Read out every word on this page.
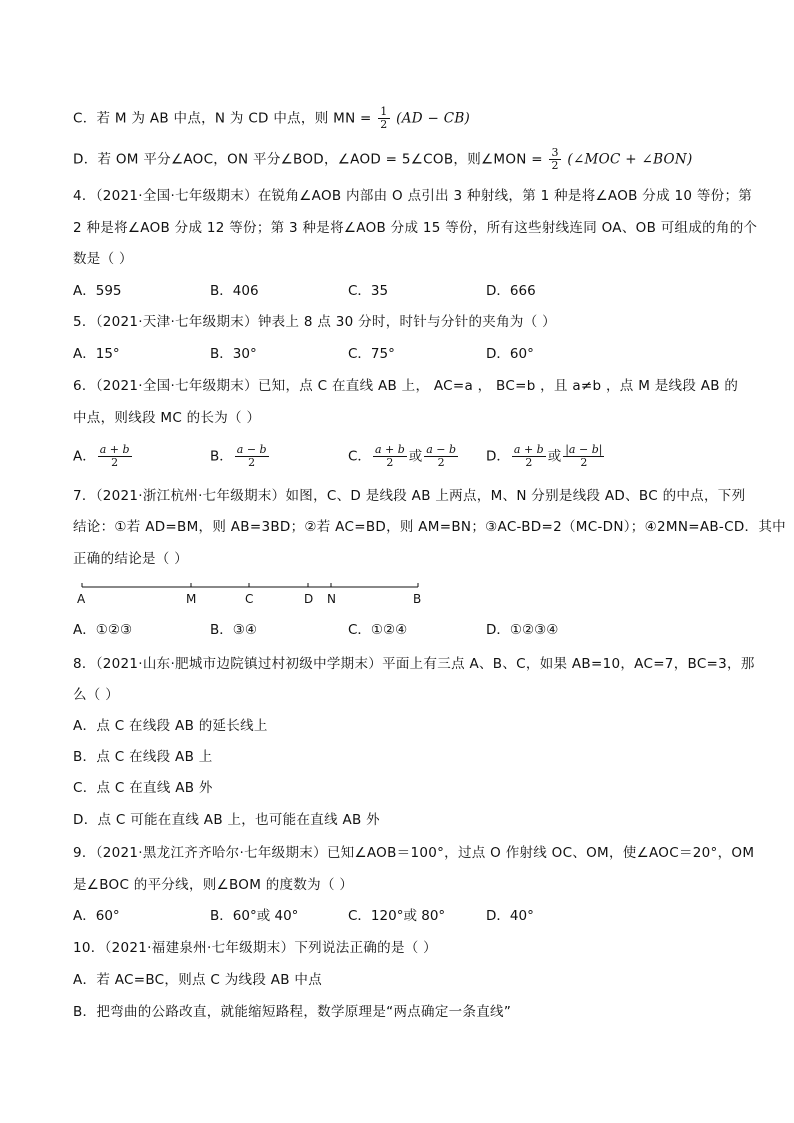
C．若 M 为 AB 中点，N 为 CD 中点，则 MN = $\frac{1}{2} (AD - CB)$
D．若 OM 平分∠AOC，ON 平分∠BOD，∠AOD = 5∠COB，则∠MON = $\frac{3}{2}$ (∠MOC + ∠BON)
4．（2021·全国·七年级期末）在锐角∠AOB 内部由 O 点引出 3 种射线，第 1 种是将∠AOB 分成 10 等份；第
2 种是将∠AOB 分成 12 等份；第 3 种是将∠AOB 分成 15 等份，所有这些射线连同 OA、OB 可组成的角的个
数是（ ）
A．595	B．406	C．35	D．666
5．（2021·天津·七年级期末）钟表上 8 点 30 分时，时针与分针的夹角为（ ）
A．15°	B．30°	C．75°	D．60°
6．（2021·全国·七年级期末）已知，点 C 在直线 AB 上， AC=a ， BC=b ，且 a≠b ，点 M 是线段 AB 的
中点，则线段 MC 的长为（ ）
A． $\frac{a + b}{2}$	B． $\frac{a - b}{2}$	C． $\frac{a + b}{2}$ 或 $\frac{a - b}{2}$ D． $\frac{a + b}{2}$ 或 $\frac{|a - b|}{2}$
7．（2021·浙江杭州·七年级期末）如图，C、D 是线段 AB 上两点，M、N 分别是线段 AD、BC 的中点，下列
结论：①若 AD=BM，则 AB=3BD；②若 AC=BD，则 AM=BN；③AC-BD=2（MC-DN）；④2MN=AB-CD．其中
正确的结论是（ ）
A	M	C	D N	B
A．①②③	B．③④	C．①②④	D．①②③④
8．（2021·山东·肥城市边院镇过村初级中学期末）平面上有三点 A、B、C，如果 AB=10，AC=7，BC=3，那
么（ ）
A．点 C 在线段 AB 的延长线上
B．点 C 在线段 AB 上
C．点 C 在直线 AB 外
D．点 C 可能在直线 AB 上，也可能在直线 AB 外
9．（2021·黑龙江齐齐哈尔·七年级期末）已知∠AOB＝100°，过点 O 作射线 OC、OM，使∠AOC＝20°，OM
是∠BOC 的平分线，则∠BOM 的度数为（ ）
A．60°	B．60°或 40°	C．120°或 80°	D．40°
10．（2021·福建泉州·七年级期末）下列说法正确的是（ ）
A．若 AC=BC，则点 C 为线段 AB 中点
B．把弯曲的公路改直，就能缩短路程，数学原理是“两点确定一条直线”
